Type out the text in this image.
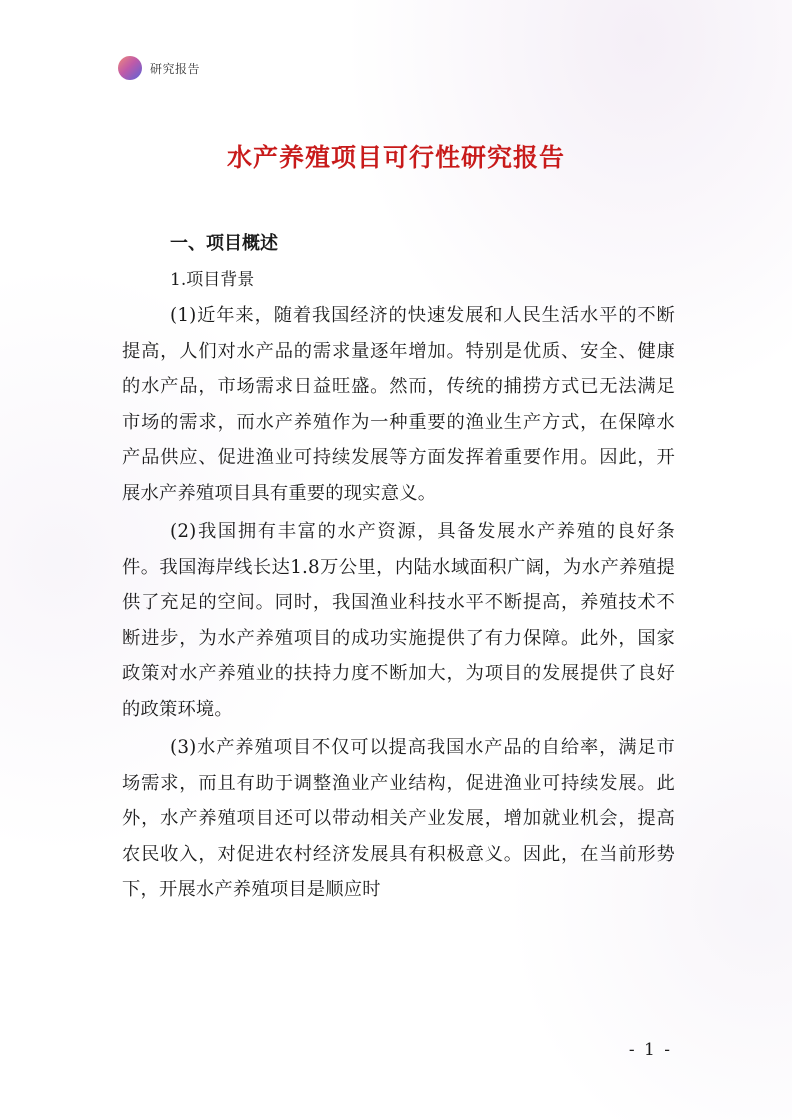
研究报告
水产养殖项目可行性研究报告
一、项目概述
1.项目背景

(1)近年来，随着我国经济的快速发展和人民生活水平的不断提高，人们对水产品的需求量逐年增加。特别是优质、安全、健康的水产品，市场需求日益旺盛。然而，传统的捕捞方式已无法满足市场的需求，而水产养殖作为一种重要的渔业生产方式，在保障水产品供应、促进渔业可持续发展等方面发挥着重要作用。因此，开展水产养殖项目具有重要的现实意义。

(2)我国拥有丰富的水产资源，具备发展水产养殖的良好条件。我国海岸线长达1.8万公里，内陆水域面积广阔，为水产养殖提供了充足的空间。同时，我国渔业科技水平不断提高，养殖技术不断进步，为水产养殖项目的成功实施提供了有力保障。此外，国家政策对水产养殖业的扶持力度不断加大，为项目的发展提供了良好的政策环境。

(3)水产养殖项目不仅可以提高我国水产品的自给率，满足市场需求，而且有助于调整渔业产业结构，促进渔业可持续发展。此外，水产养殖项目还可以带动相关产业发展，增加就业机会，提高农民收入，对促进农村经济发展具有积极意义。因此，在当前形势下，开展水产养殖项目是顺应时

- 1 -
